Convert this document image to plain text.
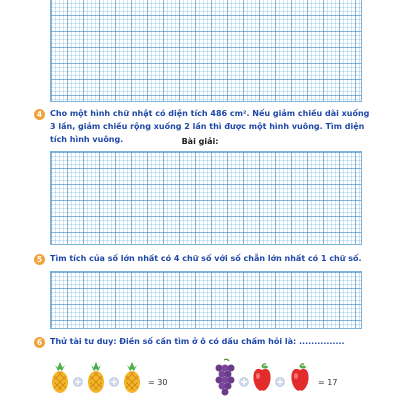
4 Cho một hình chữ nhật có diện tích 486 cm². Nếu giảm chiều dài xuống 3 lần, giảm chiều rộng xuống 2 lần thì được một hình vuông. Tìm diện tích hình vuông.	Bài giải:
5 Tìm tích của số lớn nhất có 4 chữ số với số chẵn lớn nhất có 1 chữ số.
6 Thử tài tư duy: Điền số cần tìm ở ô có dấu chấm hỏi là: ...............
= 30	= 17
